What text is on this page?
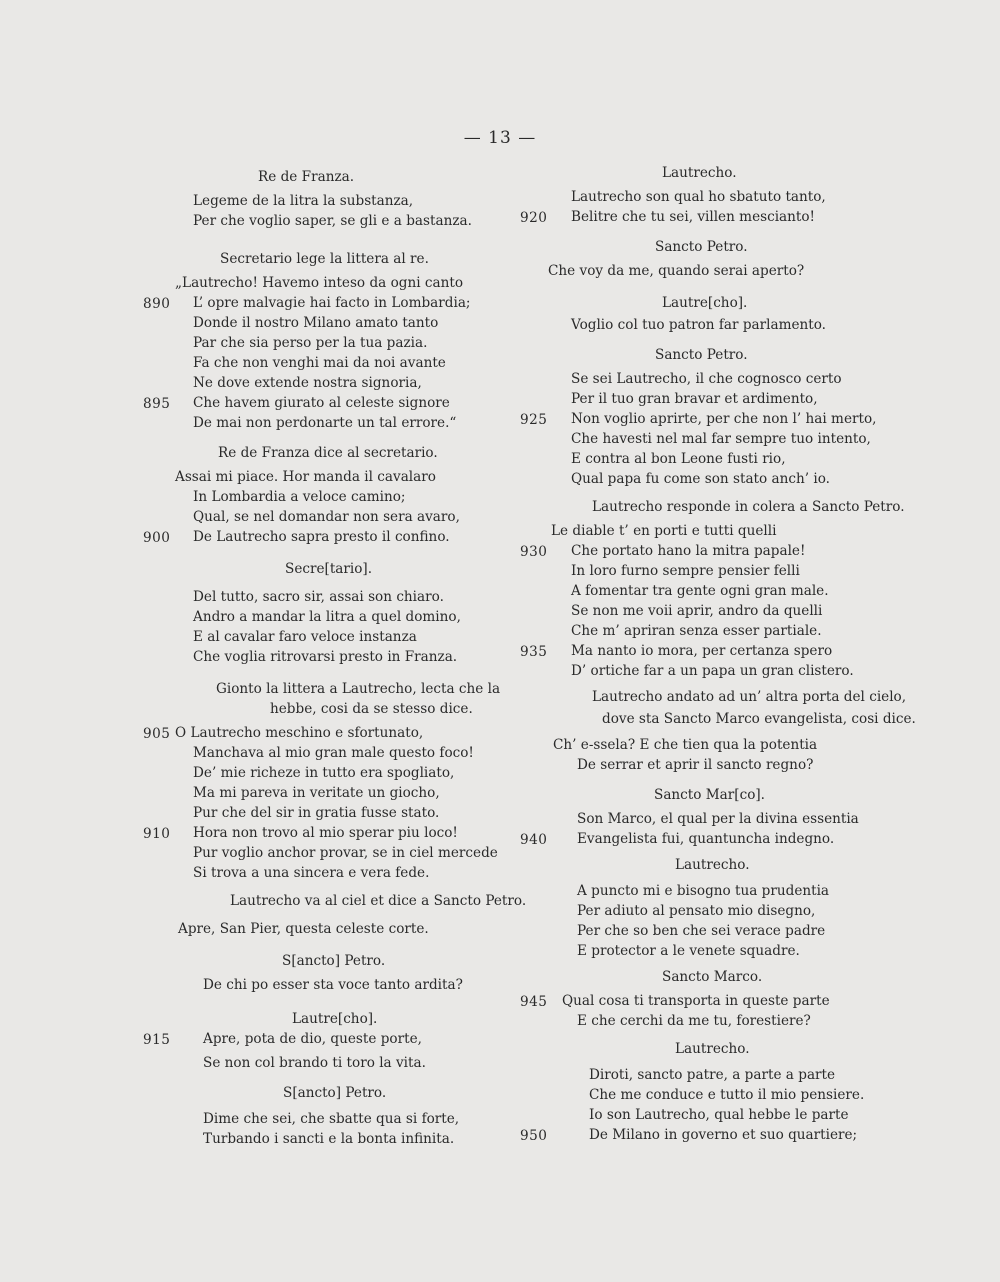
— 13 —
Re de Franza.
Legeme de la litra la substanza,
Per che voglio saper, se gli e a bastanza.
Secretario lege la littera al re.
„Lautrecho! Havemo inteso da ogni canto
L’ opre malvagie hai facto in Lombardia;
890
Donde il nostro Milano amato tanto
Par che sia perso per la tua pazia.
Fa che non venghi mai da noi avante
Ne dove extende nostra signoria,
Che havem giurato al celeste signore
895
De mai non perdonarte un tal errore.“
Re de Franza dice al secretario.
Assai mi piace. Hor manda il cavalaro
In Lombardia a veloce camino;
Qual, se nel domandar non sera avaro,
De Lautrecho sapra presto il confino.
900
Secre[tario].
Del tutto, sacro sir, assai son chiaro.
Andro a mandar la litra a quel domino,
E al cavalar faro veloce instanza
Che voglia ritrovarsi presto in Franza.
Gionto la littera a Lautrecho, lecta che la
hebbe, cosi da se stesso dice.
O Lautrecho meschino e sfortunato,
905
Manchava al mio gran male questo foco!
De’ mie richeze in tutto era spogliato,
Ma mi pareva in veritate un giocho,
Pur che del sir in gratia fusse stato.
Hora non trovo al mio sperar piu loco!
910
Pur voglio anchor provar, se in ciel mercede
Si trova a una sincera e vera fede.
Lautrecho va al ciel et dice a Sancto Petro.
Apre, San Pier, questa celeste corte.
S[ancto] Petro.
De chi po esser sta voce tanto ardita?
Lautre[cho].
Apre, pota de dio, queste porte,
915
Se non col brando ti toro la vita.
S[ancto] Petro.
Dime che sei, che sbatte qua si forte,
Turbando i sancti e la bonta infinita.
Lautrecho.
Lautrecho son qual ho sbatuto tanto,
Belitre che tu sei, villen mescianto!
920
Sancto Petro.
Che voy da me, quando serai aperto?
Lautre[cho].
Voglio col tuo patron far parlamento.
Sancto Petro.
Se sei Lautrecho, il che cognosco certo
Per il tuo gran bravar et ardimento,
Non voglio aprirte, per che non l’ hai merto,
925
Che havesti nel mal far sempre tuo intento,
E contra al bon Leone fusti rio,
Qual papa fu come son stato anch’ io.
Lautrecho responde in colera a Sancto Petro.
Le diable t’ en porti e tutti quelli
Che portato hano la mitra papale!
930
In loro furno sempre pensier felli
A fomentar tra gente ogni gran male.
Se non me voii aprir, andro da quelli
Che m’ apriran senza esser partiale.
Ma nanto io mora, per certanza spero
935
D’ ortiche far a un papa un gran clistero.
Lautrecho andato ad un’ altra porta del cielo,
dove sta Sancto Marco evangelista, cosi dice.
Ch’ e-ssela? E che tien qua la potentia
De serrar et aprir il sancto regno?
Sancto Mar[co].
Son Marco, el qual per la divina essentia
Evangelista fui, quantuncha indegno.
940
Lautrecho.
A puncto mi e bisogno tua prudentia
Per adiuto al pensato mio disegno,
Per che so ben che sei verace padre
E protector a le venete squadre.
Sancto Marco.
Qual cosa ti transporta in queste parte
945
E che cerchi da me tu, forestiere?
Lautrecho.
Diroti, sancto patre, a parte a parte
Che me conduce e tutto il mio pensiere.
Io son Lautrecho, qual hebbe le parte
De Milano in governo et suo quartiere;
950
